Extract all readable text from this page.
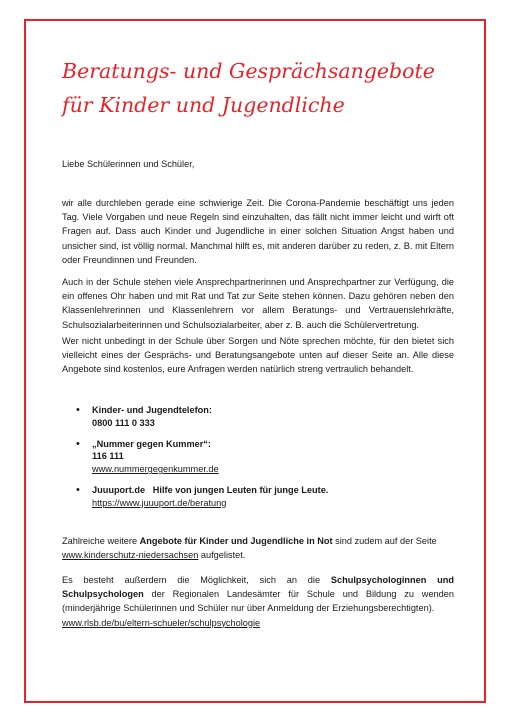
Beratungs- und Gesprächsangebote
für Kinder und Jugendliche

Liebe Schülerinnen und Schüler,

wir alle durchleben gerade eine schwierige Zeit. Die Corona-Pandemie beschäftigt uns jeden Tag. Viele Vorgaben und neue Regeln sind einzuhalten, das fällt nicht immer leicht und wirft oft Fragen auf. Dass auch Kinder und Jugendliche in einer solchen Situation Angst haben und unsicher sind, ist völlig normal. Manchmal hilft es, mit anderen darüber zu reden, z. B. mit Eltern oder Freundinnen und Freunden.

Auch in der Schule stehen viele Ansprechpartnerinnen und Ansprechpartner zur Verfügung, die ein offenes Ohr haben und mit Rat und Tat zur Seite stehen können. Dazu gehören neben den Klassenlehrerinnen und Klassenlehrern vor allem Beratungs- und Vertrauenslehrkräfte, Schulsozialarbeiterinnen und Schulsozialarbeiter, aber z. B. auch die Schülervertretung.

Wer nicht unbedingt in der Schule über Sorgen und Nöte sprechen möchte, für den bietet sich vielleicht eines der Gesprächs- und Beratungsangebote unten auf dieser Seite an. Alle diese Angebote sind kostenlos, eure Anfragen werden natürlich streng vertraulich behandelt.

• Kinder- und Jugendtelefon:
0800 111 0 333
• „Nummer gegen Kummer“:
116 111
www.nummergegenkummer.de
• Juuuport.de Hilfe von jungen Leuten für junge Leute.
https://www.juuuport.de/beratung

Zahlreiche weitere Angebote für Kinder und Jugendliche in Not sind zudem auf der Seite
www.kinderschutz-niedersachsen aufgelistet.

Es besteht außerdem die Möglichkeit, sich an die Schulpsychologinnen und Schulpsychologen der Regionalen Landesämter für Schule und Bildung zu wenden (minderjährige Schülerinnen und Schüler nur über Anmeldung der Erziehungsberechtigten).
www.rlsb.de/bu/eltern-schueler/schulpsychologie
